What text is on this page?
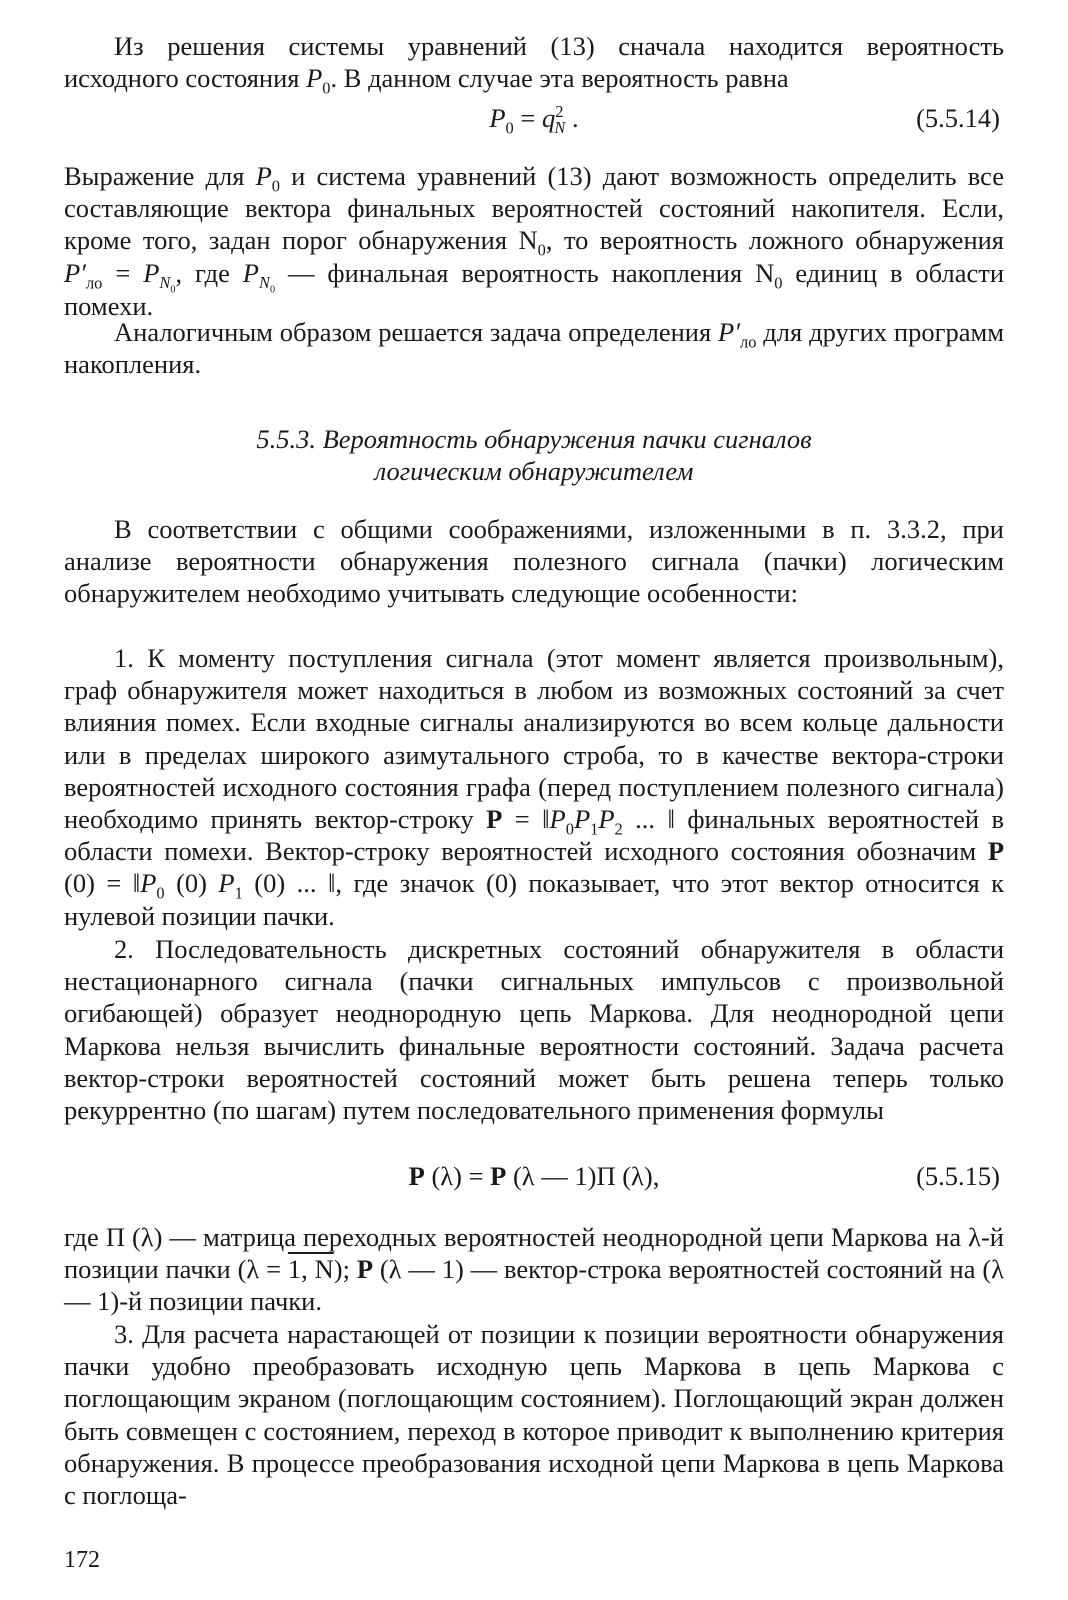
Из решения системы уравнений (13) сначала находится вероятность исходного состояния $P_0$. В данном случае эта вероятность равна

$P_0 = q^2_N$ .	(5.5.14)

Выражение для $P_0$ и система уравнений (13) дают возможность определить все составляющие вектора финальных вероятностей состояний накопителя. Если, кроме того, задан порог обнаружения $N_0$, то вероятность ложного обнаружения $P'_{лo} = P_{N_0}$, где $P_{N_0}$ — финальная вероятность накопления $N_0$ единиц в области помехи.

Аналогичным образом решается задача определения $P'_{лo}$ для других программ накопления.

5.5.3. Вероятность обнаружения пачки сигналов
логическим обнаружителем

В соответствии с общими соображениями, изложенными в п. 3.3.2, при анализе вероятности обнаружения полезного сигнала (пачки) логическим обнаружителем необходимо учитывать следующие особенности:

1. К моменту поступления сигнала (этот момент является произвольным), граф обнаружителя может находиться в любом из возможных состояний за счет влияния помех. Если входные сигналы анализируются во всем кольце дальности или в пределах широкого азимутального строба, то в качестве вектора-строки вероятностей исходного состояния графа (перед поступлением полезного сигнала) необходимо принять вектор-строку $P = ‖P_0P_1P_2$ ... ‖ финальных вероятностей в области помехи. Вектор-строку вероятностей исходного состояния обозначим P $(0) = ‖P_0$ (0) $P_1$ (0) ... ‖, где значок (0) показывает, что этот вектор относится к нулевой позиции пачки.

2. Последовательность дискретных состояний обнаружителя в области нестационарного сигнала (пачки сигнальных импульсов с произвольной огибающей) образует неоднородную цепь Маркова. Для неоднородной цепи Маркова нельзя вычислить финальные вероятности состояний. Задача расчета вектор-строки вероятностей состояний может быть решена теперь только рекуррентно (по шагам) путем последовательного применения формулы

P (λ) = P (λ — 1)П (λ),	(5.5.15)

где П (λ) — матрица переходных вероятностей неоднородной цепи Маркова на λ-й позиции пачки (λ = 1, N); P (λ — 1) — вектор-строка вероятностей состояний на (λ — 1)-й позиции пачки.

3. Для расчета нарастающей от позиции к позиции вероятности обнаружения пачки удобно преобразовать исходную цепь Маркова в цепь Маркова с поглощающим экраном (поглощающим состоянием). Поглощающий экран должен быть совмещен с состоянием, переход в которое приводит к выполнению критерия обнаружения. В процессе преобразования исходной цепи Маркова в цепь Маркова с поглоща-

172
